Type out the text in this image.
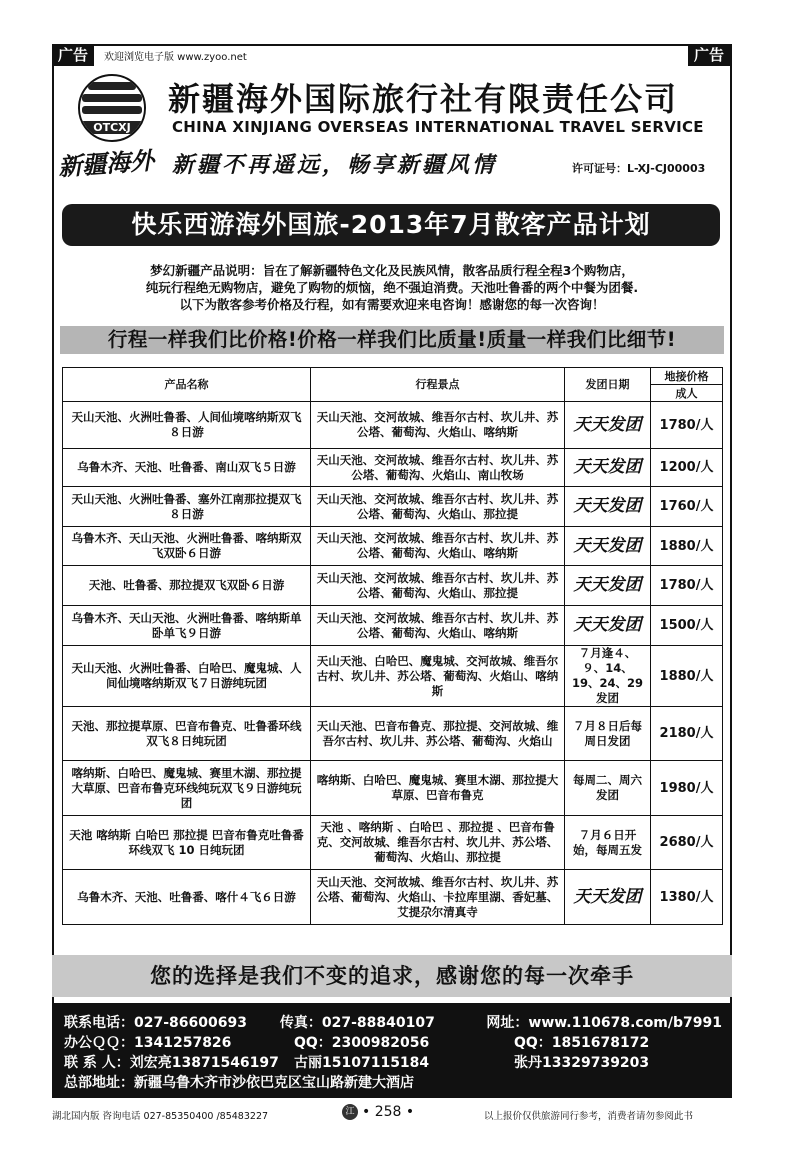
广告	广告
欢迎浏览电子版 www.zyoo.net
OTCXJ
新疆海外
新疆海外国际旅行社有限责任公司
CHINA XINJIANG OVERSEAS INTERNATIONAL TRAVEL SERVICE
新疆不再遥远，畅享新疆风情	许可证号：L-XJ-CJ00003
快乐西游海外国旅-2013年7月散客产品计划
梦幻新疆产品说明：旨在了解新疆特色文化及民族风情，散客品质行程全程3个购物店，
纯玩行程绝无购物店，避免了购物的烦恼，绝不强迫消费。天池吐鲁番的两个中餐为团餐.
以下为散客参考价格及行程，如有需要欢迎来电咨询！感谢您的每一次咨询！
行程一样我们比价格!价格一样我们比质量!质量一样我们比细节!
产品名称	行程景点	发团日期	地接价格
			成人
天山天池、火洲吐鲁番、人间仙境喀纳斯双飞８日游	天山天池、交河故城、维吾尔古村、坎儿井、苏公塔、葡萄沟、火焰山、喀纳斯	天天发团	1780/人
乌鲁木齐、天池、吐鲁番、南山双飞５日游	天山天池、交河故城、维吾尔古村、坎儿井、苏公塔、葡萄沟、火焰山、南山牧场	天天发团	1200/人
天山天池、火洲吐鲁番、塞外江南那拉提双飞８日游	天山天池、交河故城、维吾尔古村、坎儿井、苏公塔、葡萄沟、火焰山、那拉提	天天发团	1760/人
乌鲁木齐、天山天池、火洲吐鲁番、喀纳斯双飞双卧６日游	天山天池、交河故城、维吾尔古村、坎儿井、苏公塔、葡萄沟、火焰山、喀纳斯	天天发团	1880/人
天池、吐鲁番、那拉提双飞双卧６日游	天山天池、交河故城、维吾尔古村、坎儿井、苏公塔、葡萄沟、火焰山、那拉提	天天发团	1780/人
乌鲁木齐、天山天池、火洲吐鲁番、喀纳斯单卧单飞９日游	天山天池、交河故城、维吾尔古村、坎儿井、苏公塔、葡萄沟、火焰山、喀纳斯	天天发团	1500/人
天山天池、火洲吐鲁番、白哈巴、魔鬼城、人间仙境喀纳斯双飞７日游纯玩团	天山天池、白哈巴、魔鬼城、交河故城、维吾尔古村、坎儿井、苏公塔、葡萄沟、火焰山、喀纳斯	７月逢４、９、14、19、24、29 发团	1880/人
天池、那拉提草原、巴音布鲁克、吐鲁番环线双飞８日纯玩团	天山天池、巴音布鲁克、那拉提、交河故城、维吾尔古村、坎儿井、苏公塔、葡萄沟、火焰山	７月８日后每周日发团	2180/人
喀纳斯、白哈巴、魔鬼城、赛里木湖、那拉提大草原、巴音布鲁克环线纯玩双飞９日游纯玩团	喀纳斯、白哈巴、魔鬼城、赛里木湖、那拉提大草原、巴音布鲁克	每周二、周六发团	1980/人
天池 喀纳斯 白哈巴 那拉提 巴音布鲁克吐鲁番环线双飞 10 日纯玩团	天池 、喀纳斯 、白哈巴 、那拉提 、巴音布鲁克、交河故城、维吾尔古村、坎儿井、苏公塔、葡萄沟、火焰山、那拉提	７月６日开始，每周五发	2680/人
乌鲁木齐、天池、吐鲁番、喀什４飞６日游	天山天池、交河故城、维吾尔古村、坎儿井、苏公塔、葡萄沟、火焰山、卡拉库里湖、香妃墓、艾提尕尔清真寺	天天发团	1380/人
您的选择是我们不变的追求，感谢您的每一次牵手
联系电话：027-86600693	传真：027-88840107	网址：www.110678.com/b7991
办公ＱＱ：1341257826	QQ：2300982056	QQ：1851678172
联 系 人：刘宏亮13871546197	古丽15107115184	张丹13329739203
总部地址：新疆乌鲁木齐市沙依巴克区宝山路新建大酒店
湖北国内版 咨询电话 027-85350400 /85483227	江 • 258 •	以上报价仅供旅游同行参考，消费者请勿参阅此书
